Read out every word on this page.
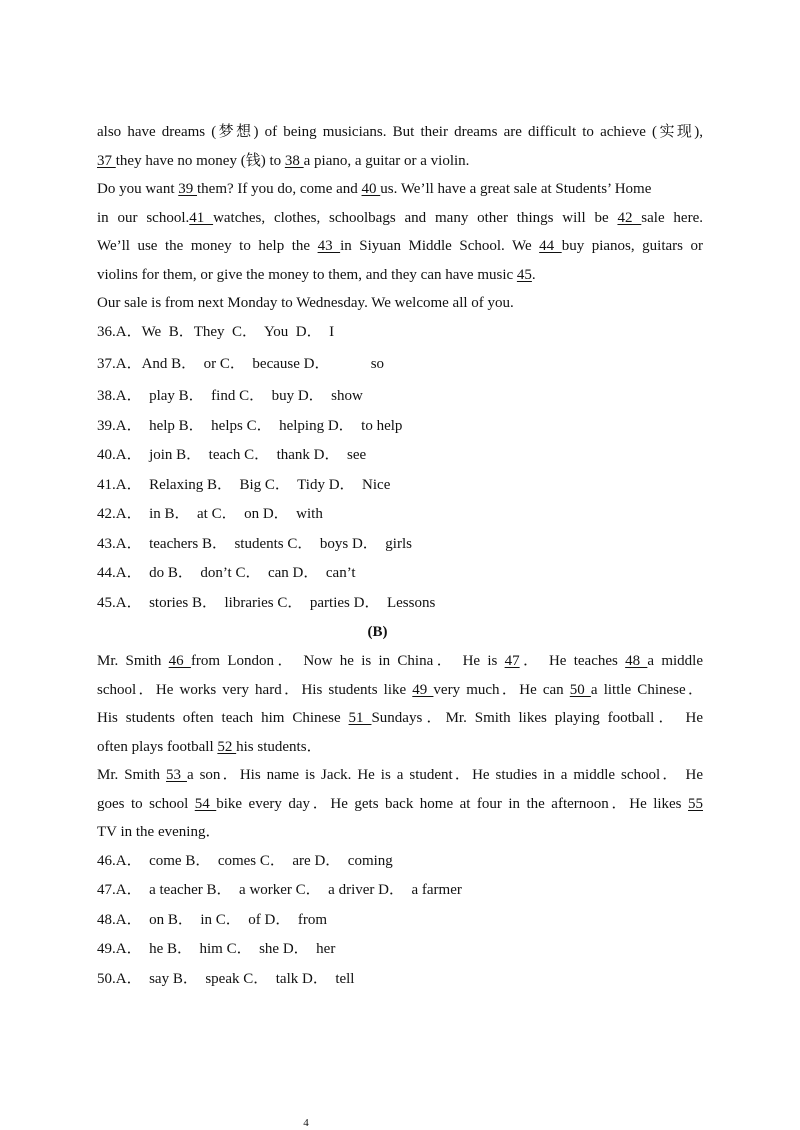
also have dreams (梦想) of being musicians. But their dreams are difficult to achieve (实现),
37 they have no money (钱) to 38 a piano, a guitar or a violin.
Do you want 39 them? If you do, come and 40 us. We’ll have a great sale at Students’ Home
in our school.41 watches, clothes, schoolbags and many other things will be 42 sale here.
We’ll use the money to help the 43 in Siyuan Middle School. We 44 buy pianos, guitars or
violins for them, or give the money to them, and they can have music 45.
Our sale is from next Monday to Wednesday. We welcome all of you.
36.A．We  B．They  C．  You  D．  I
37.A．And B．  or C．  because D．           so
38.A．  play B．  find C．  buy D．  show
39.A．  help B．  helps C．  helping D．  to help
40.A．  join B．  teach C．  thank D．  see
41.A．  Relaxing B．  Big C．  Tidy D．  Nice
42.A．  in B．  at C．  on D．  with
43.A．  teachers B．  students C．  boys D．  girls
44.A．  do B．  don’t C．  can D．  can’t
45.A．  stories B．  libraries C．  parties D．  Lessons
(B)
Mr. Smith 46 from London． Now he is in China． He is 47． He teaches 48 a middle
school．He works very hard．His students like 49 very much．He can 50 a little Chinese．
His students often teach him Chinese 51 Sundays．Mr. Smith likes playing football． He
often plays football 52 his students．
Mr. Smith 53 a son．His name is Jack. He is a student．He studies in a middle school． He
goes to school 54 bike every day．He gets back home at four in the afternoon．He likes 55
TV in the evening．
46.A．  come B．  comes C．  are D．  coming
47.A．  a teacher B．  a worker C．  a driver D．  a farmer
48.A．  on B．  in C．  of D．  from
49.A．  he B．  him C．  she D．  her
50.A．  say B．  speak C．  talk D．  tell
4
